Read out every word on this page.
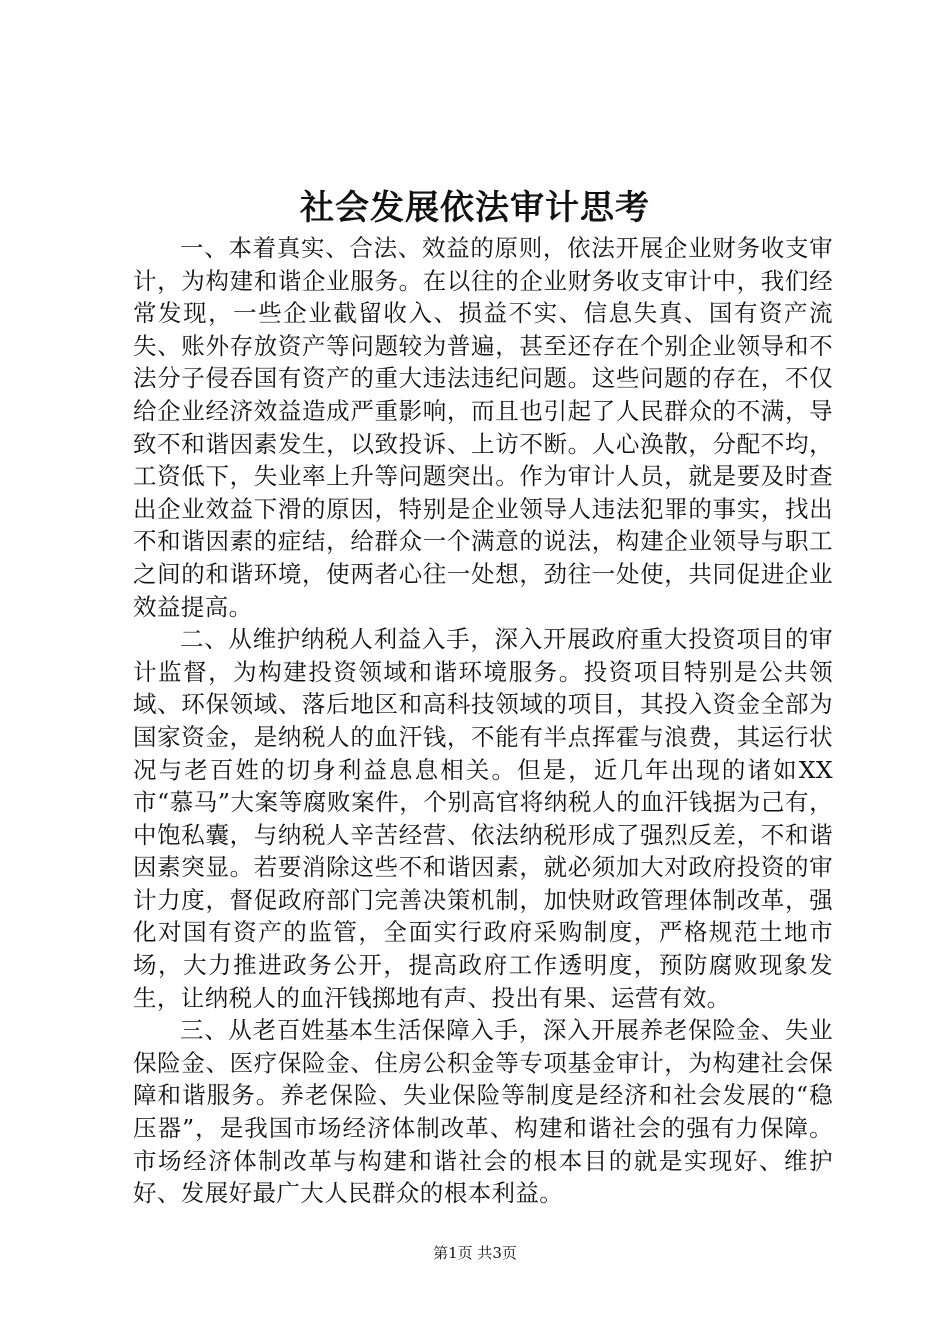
社会发展依法审计思考

一、本着真实、合法、效益的原则，依法开展企业财务收支审计，为构建和谐企业服务。在以往的企业财务收支审计中，我们经常发现，一些企业截留收入、损益不实、信息失真、国有资产流失、账外存放资产等问题较为普遍，甚至还存在个别企业领导和不法分子侵吞国有资产的重大违法违纪问题。这些问题的存在，不仅给企业经济效益造成严重影响，而且也引起了人民群众的不满，导致不和谐因素发生，以致投诉、上访不断。人心涣散，分配不均，工资低下，失业率上升等问题突出。作为审计人员，就是要及时查出企业效益下滑的原因，特别是企业领导人违法犯罪的事实，找出不和谐因素的症结，给群众一个满意的说法，构建企业领导与职工之间的和谐环境，使两者心往一处想，劲往一处使，共同促进企业效益提高。

二、从维护纳税人利益入手，深入开展政府重大投资项目的审计监督，为构建投资领域和谐环境服务。投资项目特别是公共领域、环保领域、落后地区和高科技领域的项目，其投入资金全部为国家资金，是纳税人的血汗钱，不能有半点挥霍与浪费，其运行状况与老百姓的切身利益息息相关。但是，近几年出现的诸如XX市“慕马”大案等腐败案件，个别高官将纳税人的血汗钱据为己有，中饱私囊，与纳税人辛苦经营、依法纳税形成了强烈反差，不和谐因素突显。若要消除这些不和谐因素，就必须加大对政府投资的审计力度，督促政府部门完善决策机制，加快财政管理体制改革，强化对国有资产的监管，全面实行政府采购制度，严格规范土地市场，大力推进政务公开，提高政府工作透明度，预防腐败现象发生，让纳税人的血汗钱掷地有声、投出有果、运营有效。

三、从老百姓基本生活保障入手，深入开展养老保险金、失业保险金、医疗保险金、住房公积金等专项基金审计，为构建社会保障和谐服务。养老保险、失业保险等制度是经济和社会发展的“稳压器”，是我国市场经济体制改革、构建和谐社会的强有力保障。市场经济体制改革与构建和谐社会的根本目的就是实现好、维护好、发展好最广大人民群众的根本利益。

第1页 共3页
